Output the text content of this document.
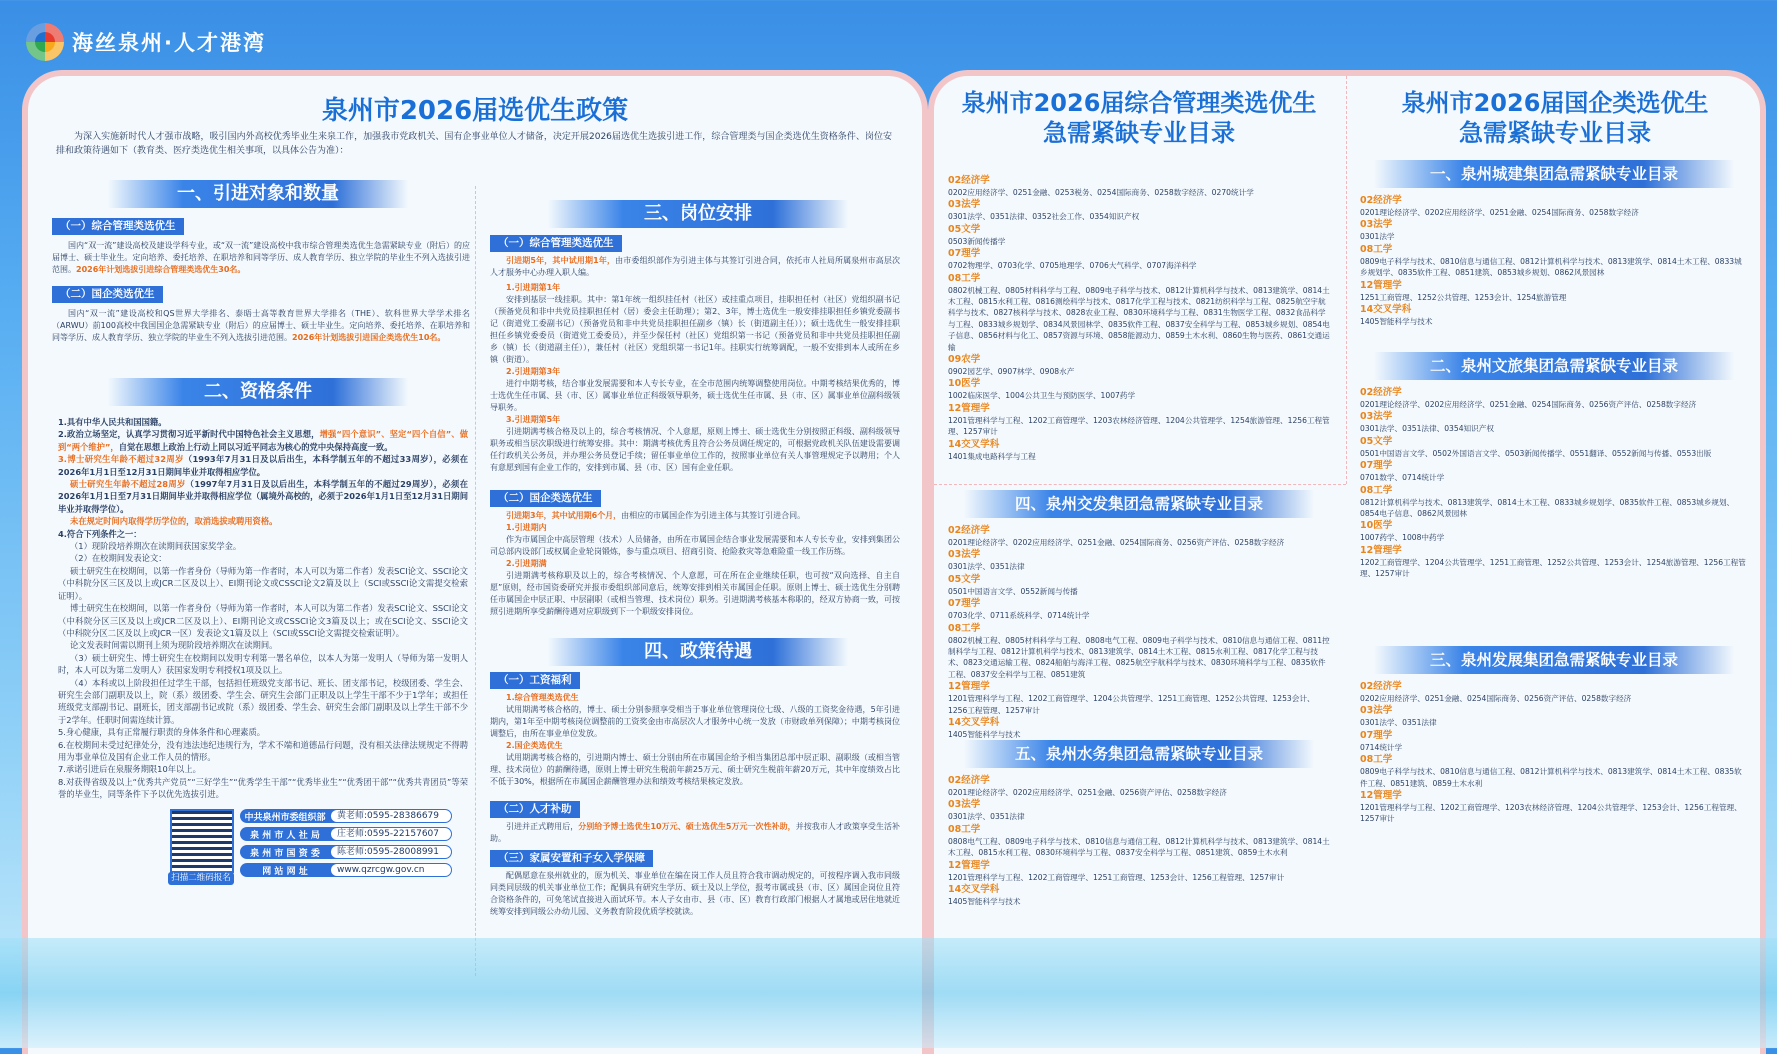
海丝泉州·人才港湾
泉州市2026届选优生政策
为深入实施新时代人才强市战略，吸引国内外高校优秀毕业生来泉工作，加强我市党政机关、国有企事业单位人才储备，决定开展2026届选优生选拔引进工作，综合管理类与国企类选优生资格条件、岗位安排和政策待遇如下（教育类、医疗类选优生相关事项，以具体公告为准）：
一、引进对象和数量
（一）综合管理类选优生
国内“双一流”建设高校及建设学科专业，或“双一流”建设高校中我市综合管理类选优生急需紧缺专业（附后）的应届博士、硕士毕业生。定向培养、委托培养、在职培养和同等学历、成人教育学历、独立学院的毕业生不列入选拔引进范围。2026年计划选拔引进综合管理类选优生30名。
（二）国企类选优生
国内“双一流”建设高校和QS世界大学排名、泰晤士高等教育世界大学排名（THE）、软科世界大学学术排名（ARWU）前100高校中我国国企急需紧缺专业（附后）的应届博士、硕士毕业生。定向培养、委托培养、在职培养和同等学历、成人教育学历、独立学院的毕业生不列入选拔引进范围。2026年计划选拔引进国企类选优生10名。
二、资格条件
1.具有中华人民共和国国籍。
2.政治立场坚定，认真学习贯彻习近平新时代中国特色社会主义思想，增强“四个意识”、坚定“四个自信”、做到“两个维护”，自觉在思想上政治上行动上同以习近平同志为核心的党中央保持高度一致。
3.博士研究生年龄不超过32周岁（1993年7月31日及以后出生，本科学制五年的不超过33周岁），必须在2026年1月1日至12月31日期间毕业并取得相应学位。
硕士研究生年龄不超过28周岁（1997年7月31日及以后出生，本科学制五年的不超过29周岁），必须在2026年1月1日至7月31日期间毕业并取得相应学位（属境外高校的，必须于2026年1月1日至12月31日期间毕业并取得学位）。
未在规定时间内取得学历学位的，取消选拔或聘用资格。
4.符合下列条件之一：
（1）现阶段培养期次在读期间获国家奖学金。
（2）在校期间发表论文：
硕士研究生在校期间，以第一作者身份（导师为第一作者时，本人可以为第二作者）发表SCI论文、SSCI论文（中科院分区三区及以上或JCR二区及以上）、EI期刊论文或CSSCI论文2篇及以上（SCI或SSCI论文需提交检索证明）。
博士研究生在校期间，以第一作者身份（导师为第一作者时，本人可以为第二作者）发表SCI论文、SSCI论文（中科院分区三区及以上或JCR二区及以上）、EI期刊论文或CSSCI论文3篇及以上；或在SCI论文、SSCI论文（中科院分区二区及以上或JCR一区）发表论文1篇及以上（SCI或SSCI论文需提交检索证明）。
论文发表时间需以期刊上须为现阶段培养期次在读期间。
（3）硕士研究生、博士研究生在校期间以发明专利第一署名单位，以本人为第一发明人（导师为第一发明人时，本人可以为第二发明人）获国家发明专利授权1项及以上。
（4）本科或以上阶段担任过学生干部，包括担任班级党支部书记、班长、团支部书记，校级团委、学生会、研究生会部门副职及以上，院（系）级团委、学生会、研究生会部门正职及以上学生干部不少于1学年；或担任班级党支部副书记、副班长，团支部副书记或院（系）级团委、学生会、研究生会部门副职及以上学生干部不少于2学年。任职时间需连续计算。
5.身心健康，具有正常履行职责的身体条件和心理素质。
6.在校期间未受过纪律处分，没有违法违纪违规行为，学术不端和道德品行问题，没有相关法律法规规定不得聘用为事业单位及国有企业工作人员的情形。
7.承诺引进后在泉服务期限10年以上。
8.对获得省级及以上“优秀共产党员”“三好学生”“优秀学生干部”“优秀毕业生”“优秀团干部”“优秀共青团员”等荣誉的毕业生，同等条件下予以优先选拔引进。
扫描二维码报名
中共泉州市委组织部	黄老师:0595-28386679
泉 州 市 人 社 局	庄老师:0595-22157607
泉 州 市 国 资 委	陈老师:0595-28008991
网 站 网 址	www.qzrcgw.gov.cn
三、岗位安排
（一）综合管理类选优生
引进期5年，其中试用期1年，由市委组织部作为引进主体与其签订引进合同，依托市人社局所属泉州市高层次人才服务中心办理入职人编。
1.引进期第1年
安排到基层一线挂职。其中：第1年统一组织挂任村（社区）或挂重点项目，挂职担任村（社区）党组织副书记（预备党员和非中共党员挂职担任村（居）委会主任助理）；第2、3年，博士选优生一般安排挂职担任乡镇党委副书记（街道党工委副书记）（预备党员和非中共党员挂职担任副乡（镇）长（街道副主任））；硕士选优生一般安排挂职担任乡镇党委委员（街道党工委委员），并至少保任村（社区）党组织第一书记（预备党员和非中共党员挂职担任副乡（镇）长（街道副主任）），兼任村（社区）党组织第一书记1年。挂职实行统筹调配，一般不安排到本人或所在乡镇（街道）。
2.引进期第3年
进行中期考核，结合事业发展需要和本人专长专业，在全市范围内统筹调整使用岗位。中期考核结果优秀的，博士选优生任市属、县（市、区）属事业单位正科级领导职务，硕士选优生任市属、县（市、区）属事业单位副科级领导职务。
3.引进期第5年
引进期满考核合格及以上的，综合考核情况、个人意愿，原则上博士、硕士选优生分别按照正科级、副科级领导职务或相当层次职级进行统筹安排。其中：期满考核优秀且符合公务员调任规定的，可根据党政机关队伍建设需要调任行政机关公务员，并办理公务员登记手续；留任事业单位工作的，按照事业单位有关人事管理规定予以聘用；个人有意愿到国有企业工作的，安排到市属、县（市、区）国有企业任职。
（二）国企类选优生
引进期3年，其中试用期6个月，由相应的市属国企作为引进主体与其签订引进合同。
1.引进期内
作为市属国企中高层管理（技术）人员储备，由所在市属国企结合事业发展需要和本人专长专业，安排到集团公司总部内设部门或权属企业轮岗锻炼，参与重点项目、招商引资、抢险救灾等急难险重一线工作历练。
2.引进期满
引进期满考核称职及以上的，综合考核情况、个人意愿，可在所在企业继续任职，也可按“双向选择、自主自愿”原则，经市国资委研究并报市委组织部同意后，统筹安排到相关市属国企任职。原则上博士、硕士选优生分别聘任市属国企中层正职、中层副职（或相当管理、技术岗位）职务。引进期满考核基本称职的，经双方协商一致，可按照引进期所享受薪酬待遇对应职级到下一个职级安排岗位。
四、政策待遇
（一）工资福利
1.综合管理类选优生
试用期满考核合格的，博士、硕士分别参照享受相当于事业单位管理岗位七级、八级的工资奖金待遇，5年引进期内，第1年至中期考核岗位调整前的工资奖金由市高层次人才服务中心统一发放（市财政单列保障）；中期考核岗位调整后，由所在事业单位发放。
2.国企类选优生
试用期满考核合格的，引进期内博士、硕士分别由所在市属国企给予相当集团总部中层正职、副职级（或相当管理、技术岗位）的薪酬待遇，原则上博士研究生税前年薪25万元、硕士研究生税前年薪20万元，其中年度绩效占比不低于30%，根据所在市属国企薪酬管理办法和绩效考核结果核定发放。
（二）人才补助
引进并正式聘用后，分别给予博士选优生10万元、硕士选优生5万元一次性补助，并按我市人才政策享受生活补助。
（三）家属安置和子女入学保障
配偶愿意在泉州就业的，原为机关、事业单位在编在岗工作人员且符合我市调动规定的，可按程序调入我市同级同类同层级的机关事业单位工作；配偶具有研究生学历、硕士及以上学位，报考市属或县（市、区）属国企岗位且符合资格条件的，可免笔试直接进入面试环节。本人子女由市、县（市、区）教育行政部门根据人才属地或居住地就近统筹安排到同级公办幼儿园、义务教育阶段优质学校就读。
泉州市2026届综合管理类选优生
急需紧缺专业目录
泉州市2026届国企类选优生
急需紧缺专业目录
02经济学
0202应用经济学、0251金融、0253税务、0254国际商务、0258数字经济、0270统计学
03法学
0301法学、0351法律、0352社会工作、0354知识产权
05文学
0503新闻传播学
07理学
0702物理学、0703化学、0705地理学、0706大气科学、0707海洋科学
08工学
0802机械工程、0805材料科学与工程、0809电子科学与技术、0812计算机科学与技术、0813建筑学、0814土木工程、0815水利工程、0816测绘科学与技术、0817化学工程与技术、0821纺织科学与工程、0825航空宇航科学与技术、0827核科学与技术、0828农业工程、0830环境科学与工程、0831生物医学工程、0832食品科学与工程、0833城乡规划学、0834风景园林学、0835软件工程、0837安全科学与工程、0853城乡规划、0854电子信息、0856材料与化工、0857资源与环境、0858能源动力、0859土木水利、0860生物与医药、0861交通运输
09农学
0902园艺学、0907林学、0908水产
10医学
1002临床医学、1004公共卫生与预防医学、1007药学
12管理学
1201管理科学与工程、1202工商管理学、1203农林经济管理、1204公共管理学、1254旅游管理、1256工程管理、1257审计
14交叉学科
1401集成电路科学与工程
四、泉州交发集团急需紧缺专业目录
02经济学
0201理论经济学、0202应用经济学、0251金融、0254国际商务、0256资产评估、0258数字经济
03法学
0301法学、0351法律
05文学
0501中国语言文学、0552新闻与传播
07理学
0703化学、0711系统科学、0714统计学
08工学
0802机械工程、0805材料科学与工程、0808电气工程、0809电子科学与技术、0810信息与通信工程、0811控制科学与工程、0812计算机科学与技术、0813建筑学、0814土木工程、0815水利工程、0817化学工程与技术、0823交通运输工程、0824船舶与海洋工程、0825航空宇航科学与技术、0830环境科学与工程、0835软件工程、0837安全科学与工程、0851建筑
12管理学
1201管理科学与工程、1202工商管理学、1204公共管理学、1251工商管理、1252公共管理、1253会计、1256工程管理、1257审计
14交叉学科
1405智能科学与技术
五、泉州水务集团急需紧缺专业目录
02经济学
0201理论经济学、0202应用经济学、0251金融、0256资产评估、0258数字经济
03法学
0301法学、0351法律
08工学
0808电气工程、0809电子科学与技术、0810信息与通信工程、0812计算机科学与技术、0813建筑学、0814土木工程、0815水利工程、0830环境科学与工程、0837安全科学与工程、0851建筑、0859土木水利
12管理学
1201管理科学与工程、1202工商管理学、1251工商管理、1253会计、1256工程管理、1257审计
14交叉学科
1405智能科学与技术
一、泉州城建集团急需紧缺专业目录
02经济学
0201理论经济学、0202应用经济学、0251金融、0254国际商务、0258数字经济
03法学
0301法学
08工学
0809电子科学与技术、0810信息与通信工程、0812计算机科学与技术、0813建筑学、0814土木工程、0833城乡规划学、0835软件工程、0851建筑、0853城乡规划、0862风景园林
12管理学
1251工商管理、1252公共管理、1253会计、1254旅游管理
14交叉学科
1405智能科学与技术
二、泉州文旅集团急需紧缺专业目录
02经济学
0201理论经济学、0202应用经济学、0251金融、0254国际商务、0256资产评估、0258数字经济
03法学
0301法学、0351法律、0354知识产权
05文学
0501中国语言文学、0502外国语言文学、0503新闻传播学、0551翻译、0552新闻与传播、0553出版
07理学
0701数学、0714统计学
08工学
0812计算机科学与技术、0813建筑学、0814土木工程、0833城乡规划学、0835软件工程、0853城乡规划、0854电子信息、0862风景园林
10医学
1007药学、1008中药学
12管理学
1202工商管理学、1204公共管理学、1251工商管理、1252公共管理、1253会计、1254旅游管理、1256工程管理、1257审计
三、泉州发展集团急需紧缺专业目录
02经济学
0202应用经济学、0251金融、0254国际商务、0256资产评估、0258数字经济
03法学
0301法学、0351法律
07理学
0714统计学
08工学
0809电子科学与技术、0810信息与通信工程、0812计算机科学与技术、0813建筑学、0814土木工程、0835软件工程、0851建筑、0859土木水利
12管理学
1201管理科学与工程、1202工商管理学、1203农林经济管理、1204公共管理学、1253会计、1256工程管理、1257审计
